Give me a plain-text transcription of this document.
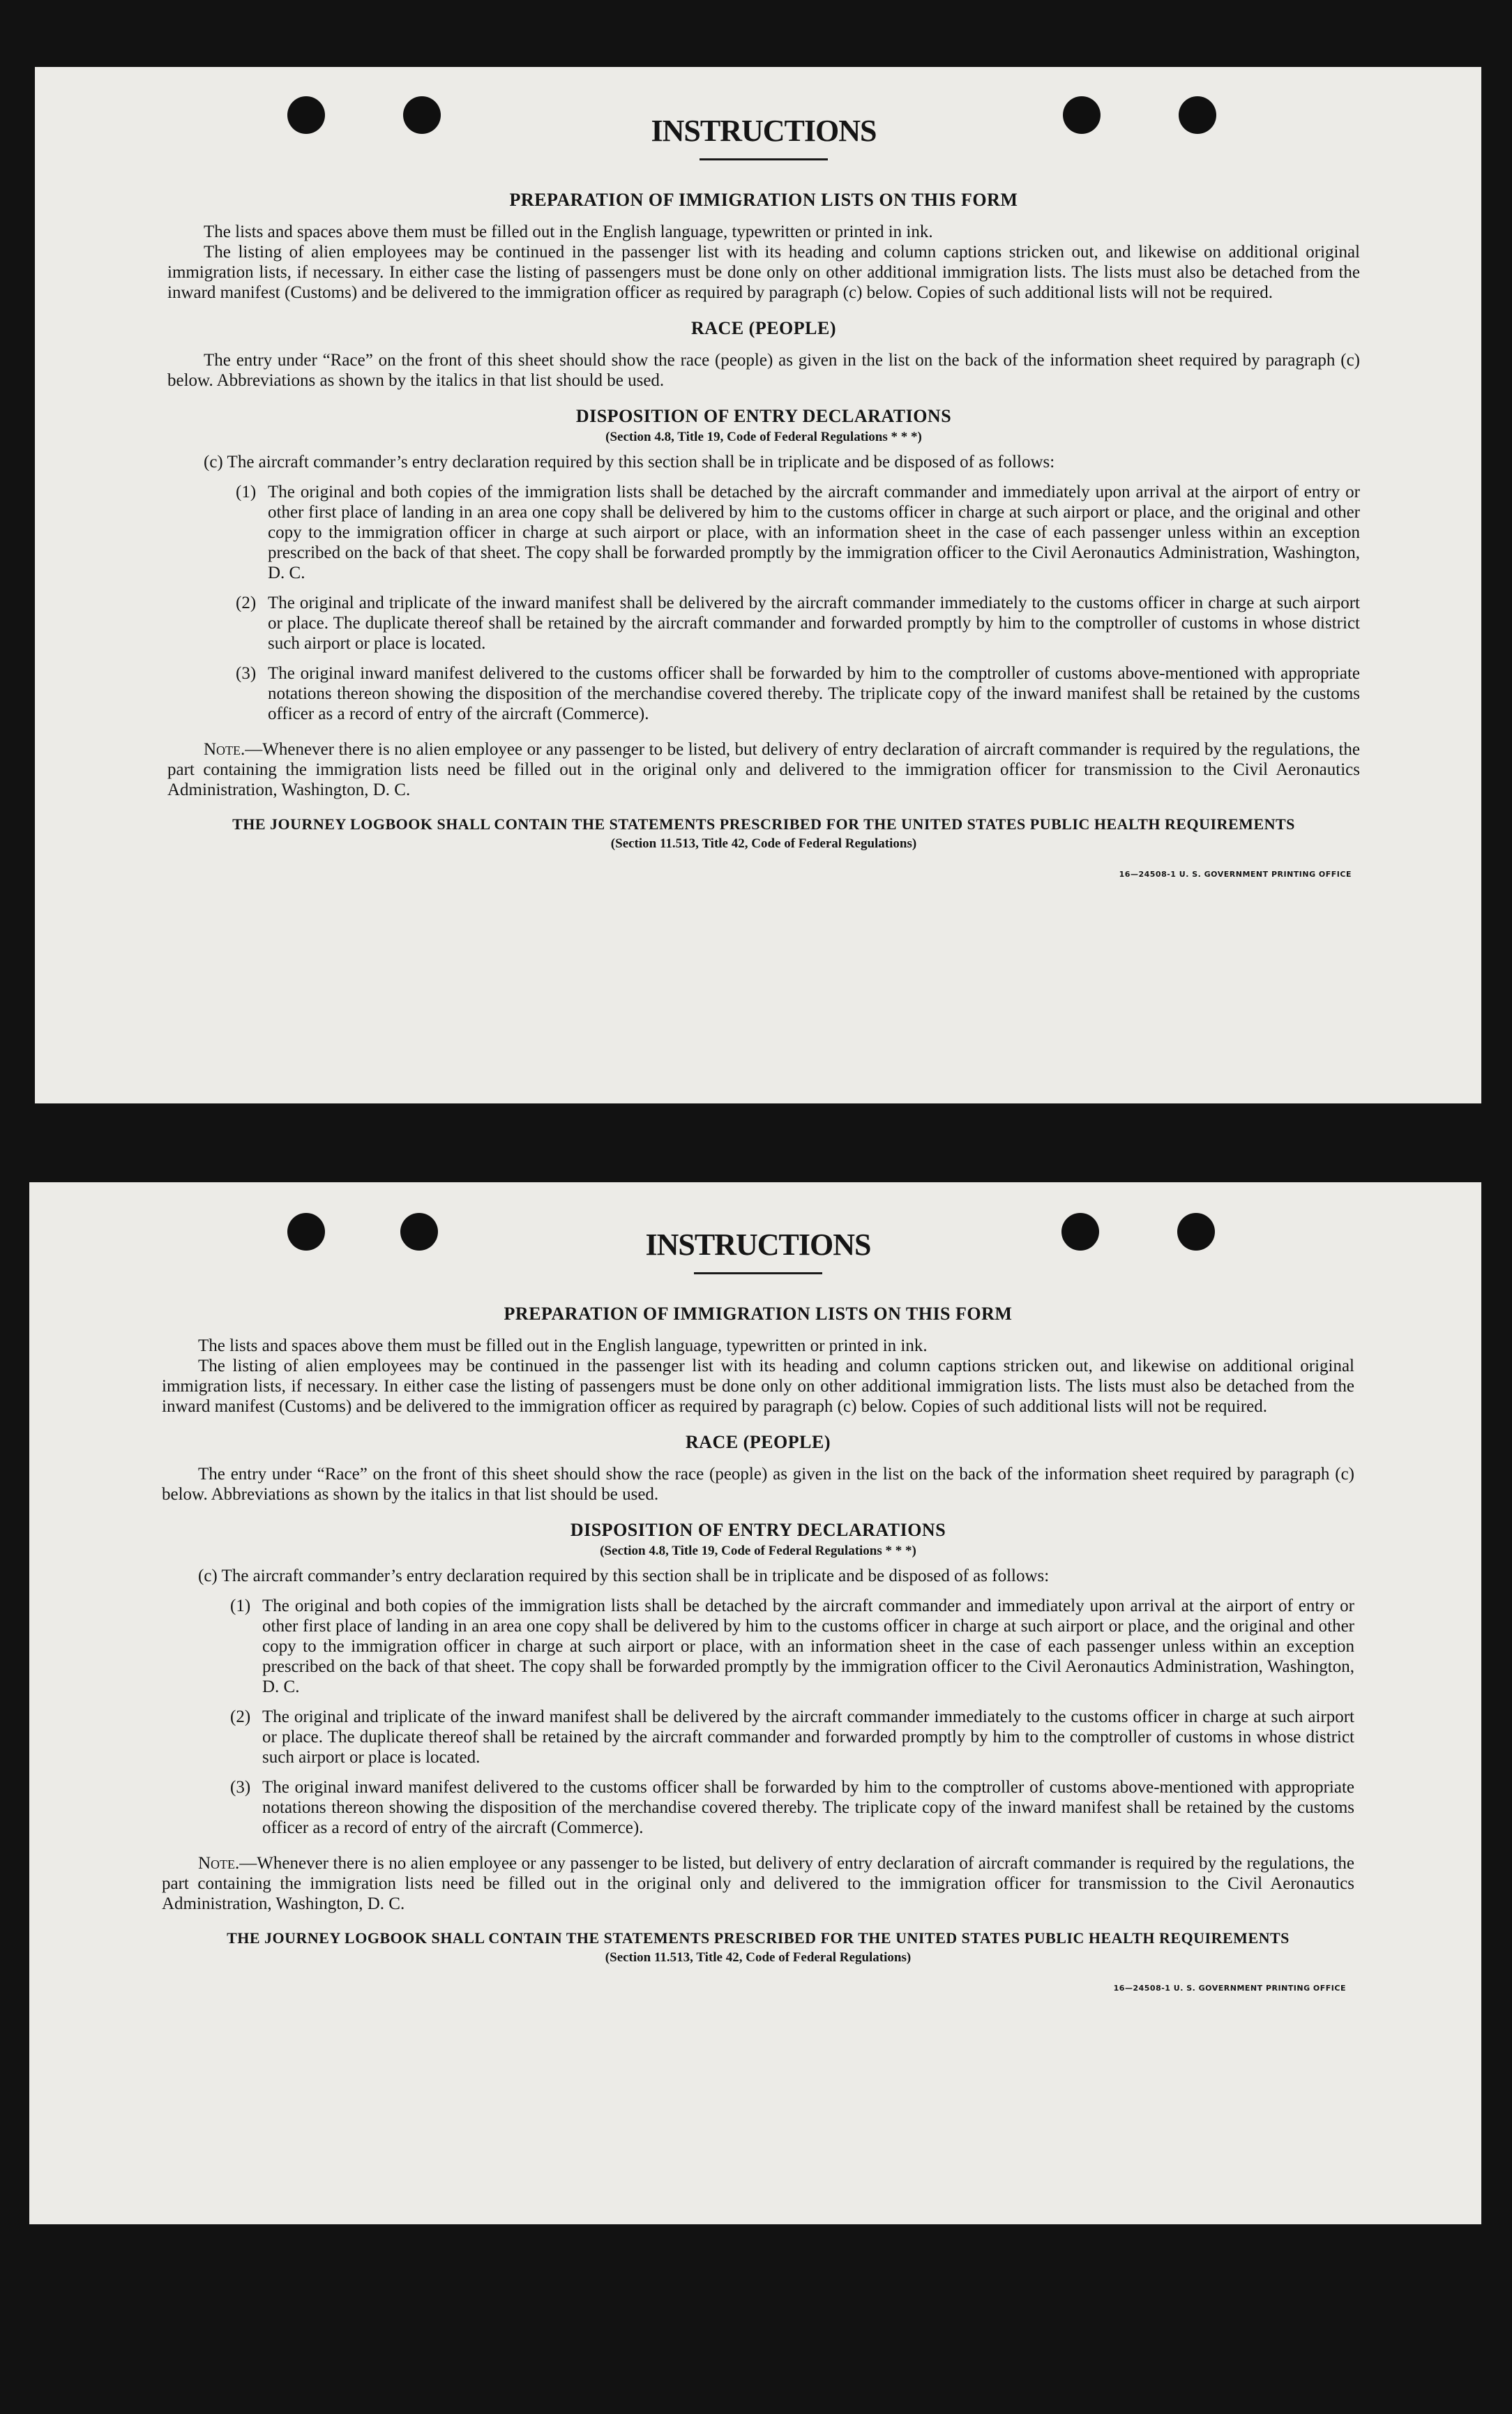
INSTRUCTIONS
PREPARATION OF IMMIGRATION LISTS ON THIS FORM

The lists and spaces above them must be filled out in the English language, typewritten or printed in ink.

The listing of alien employees may be continued in the passenger list with its heading and column captions stricken out, and likewise on additional original immigration lists, if necessary. In either case the listing of passengers must be done only on other additional immigration lists. The lists must also be detached from the inward manifest (Customs) and be delivered to the immigration officer as required by paragraph (c) below. Copies of such additional lists will not be required.

RACE (PEOPLE)

The entry under “Race” on the front of this sheet should show the race (people) as given in the list on the back of the information sheet required by paragraph (c) below. Abbreviations as shown by the italics in that list should be used.

DISPOSITION OF ENTRY DECLARATIONS
(Section 4.8, Title 19, Code of Federal Regulations * * *)
(c) The aircraft commander’s entry declaration required by this section shall be in triplicate and be disposed of as follows:
(1) The original and both copies of the immigration lists shall be detached by the aircraft commander and immediately upon arrival at the airport of entry or other first place of landing in an area one copy shall be delivered by him to the customs officer in charge at such airport or place, and the original and other copy to the immigration officer in charge at such airport or place, with an information sheet in the case of each passenger unless within an exception prescribed on the back of that sheet. The copy shall be forwarded promptly by the immigration officer to the Civil Aeronautics Administration, Washington, D. C.
(2) The original and triplicate of the inward manifest shall be delivered by the aircraft commander immediately to the customs officer in charge at such airport or place. The duplicate thereof shall be retained by the aircraft commander and forwarded promptly by him to the comptroller of customs in whose district such airport or place is located.
(3) The original inward manifest delivered to the customs officer shall be forwarded by him to the comptroller of customs above-mentioned with appropriate notations thereon showing the disposition of the merchandise covered thereby. The triplicate copy of the inward manifest shall be retained by the customs officer as a record of entry of the aircraft (Commerce).

Note.—Whenever there is no alien employee or any passenger to be listed, but delivery of entry declaration of aircraft commander is required by the regulations, the part containing the immigration lists need be filled out in the original only and delivered to the immigration officer for transmission to the Civil Aeronautics Administration, Washington, D. C.

THE JOURNEY LOGBOOK SHALL CONTAIN THE STATEMENTS PRESCRIBED FOR THE UNITED STATES PUBLIC HEALTH REQUIREMENTS

(Section 11.513, Title 42, Code of Federal Regulations)

16—24508-1 U. S. GOVERNMENT PRINTING OFFICE
INSTRUCTIONS
PREPARATION OF IMMIGRATION LISTS ON THIS FORM

The lists and spaces above them must be filled out in the English language, typewritten or printed in ink.

The listing of alien employees may be continued in the passenger list with its heading and column captions stricken out, and likewise on additional original immigration lists, if necessary. In either case the listing of passengers must be done only on other additional immigration lists. The lists must also be detached from the inward manifest (Customs) and be delivered to the immigration officer as required by paragraph (c) below. Copies of such additional lists will not be required.

RACE (PEOPLE)

The entry under “Race” on the front of this sheet should show the race (people) as given in the list on the back of the information sheet required by paragraph (c) below. Abbreviations as shown by the italics in that list should be used.

DISPOSITION OF ENTRY DECLARATIONS
(Section 4.8, Title 19, Code of Federal Regulations * * *)
(c) The aircraft commander’s entry declaration required by this section shall be in triplicate and be disposed of as follows:
(1) The original and both copies of the immigration lists shall be detached by the aircraft commander and immediately upon arrival at the airport of entry or other first place of landing in an area one copy shall be delivered by him to the customs officer in charge at such airport or place, and the original and other copy to the immigration officer in charge at such airport or place, with an information sheet in the case of each passenger unless within an exception prescribed on the back of that sheet. The copy shall be forwarded promptly by the immigration officer to the Civil Aeronautics Administration, Washington, D. C.
(2) The original and triplicate of the inward manifest shall be delivered by the aircraft commander immediately to the customs officer in charge at such airport or place. The duplicate thereof shall be retained by the aircraft commander and forwarded promptly by him to the comptroller of customs in whose district such airport or place is located.
(3) The original inward manifest delivered to the customs officer shall be forwarded by him to the comptroller of customs above-mentioned with appropriate notations thereon showing the disposition of the merchandise covered thereby. The triplicate copy of the inward manifest shall be retained by the customs officer as a record of entry of the aircraft (Commerce).

Note.—Whenever there is no alien employee or any passenger to be listed, but delivery of entry declaration of aircraft commander is required by the regulations, the part containing the immigration lists need be filled out in the original only and delivered to the immigration officer for transmission to the Civil Aeronautics Administration, Washington, D. C.

THE JOURNEY LOGBOOK SHALL CONTAIN THE STATEMENTS PRESCRIBED FOR THE UNITED STATES PUBLIC HEALTH REQUIREMENTS

(Section 11.513, Title 42, Code of Federal Regulations)

16—24508-1 U. S. GOVERNMENT PRINTING OFFICE
